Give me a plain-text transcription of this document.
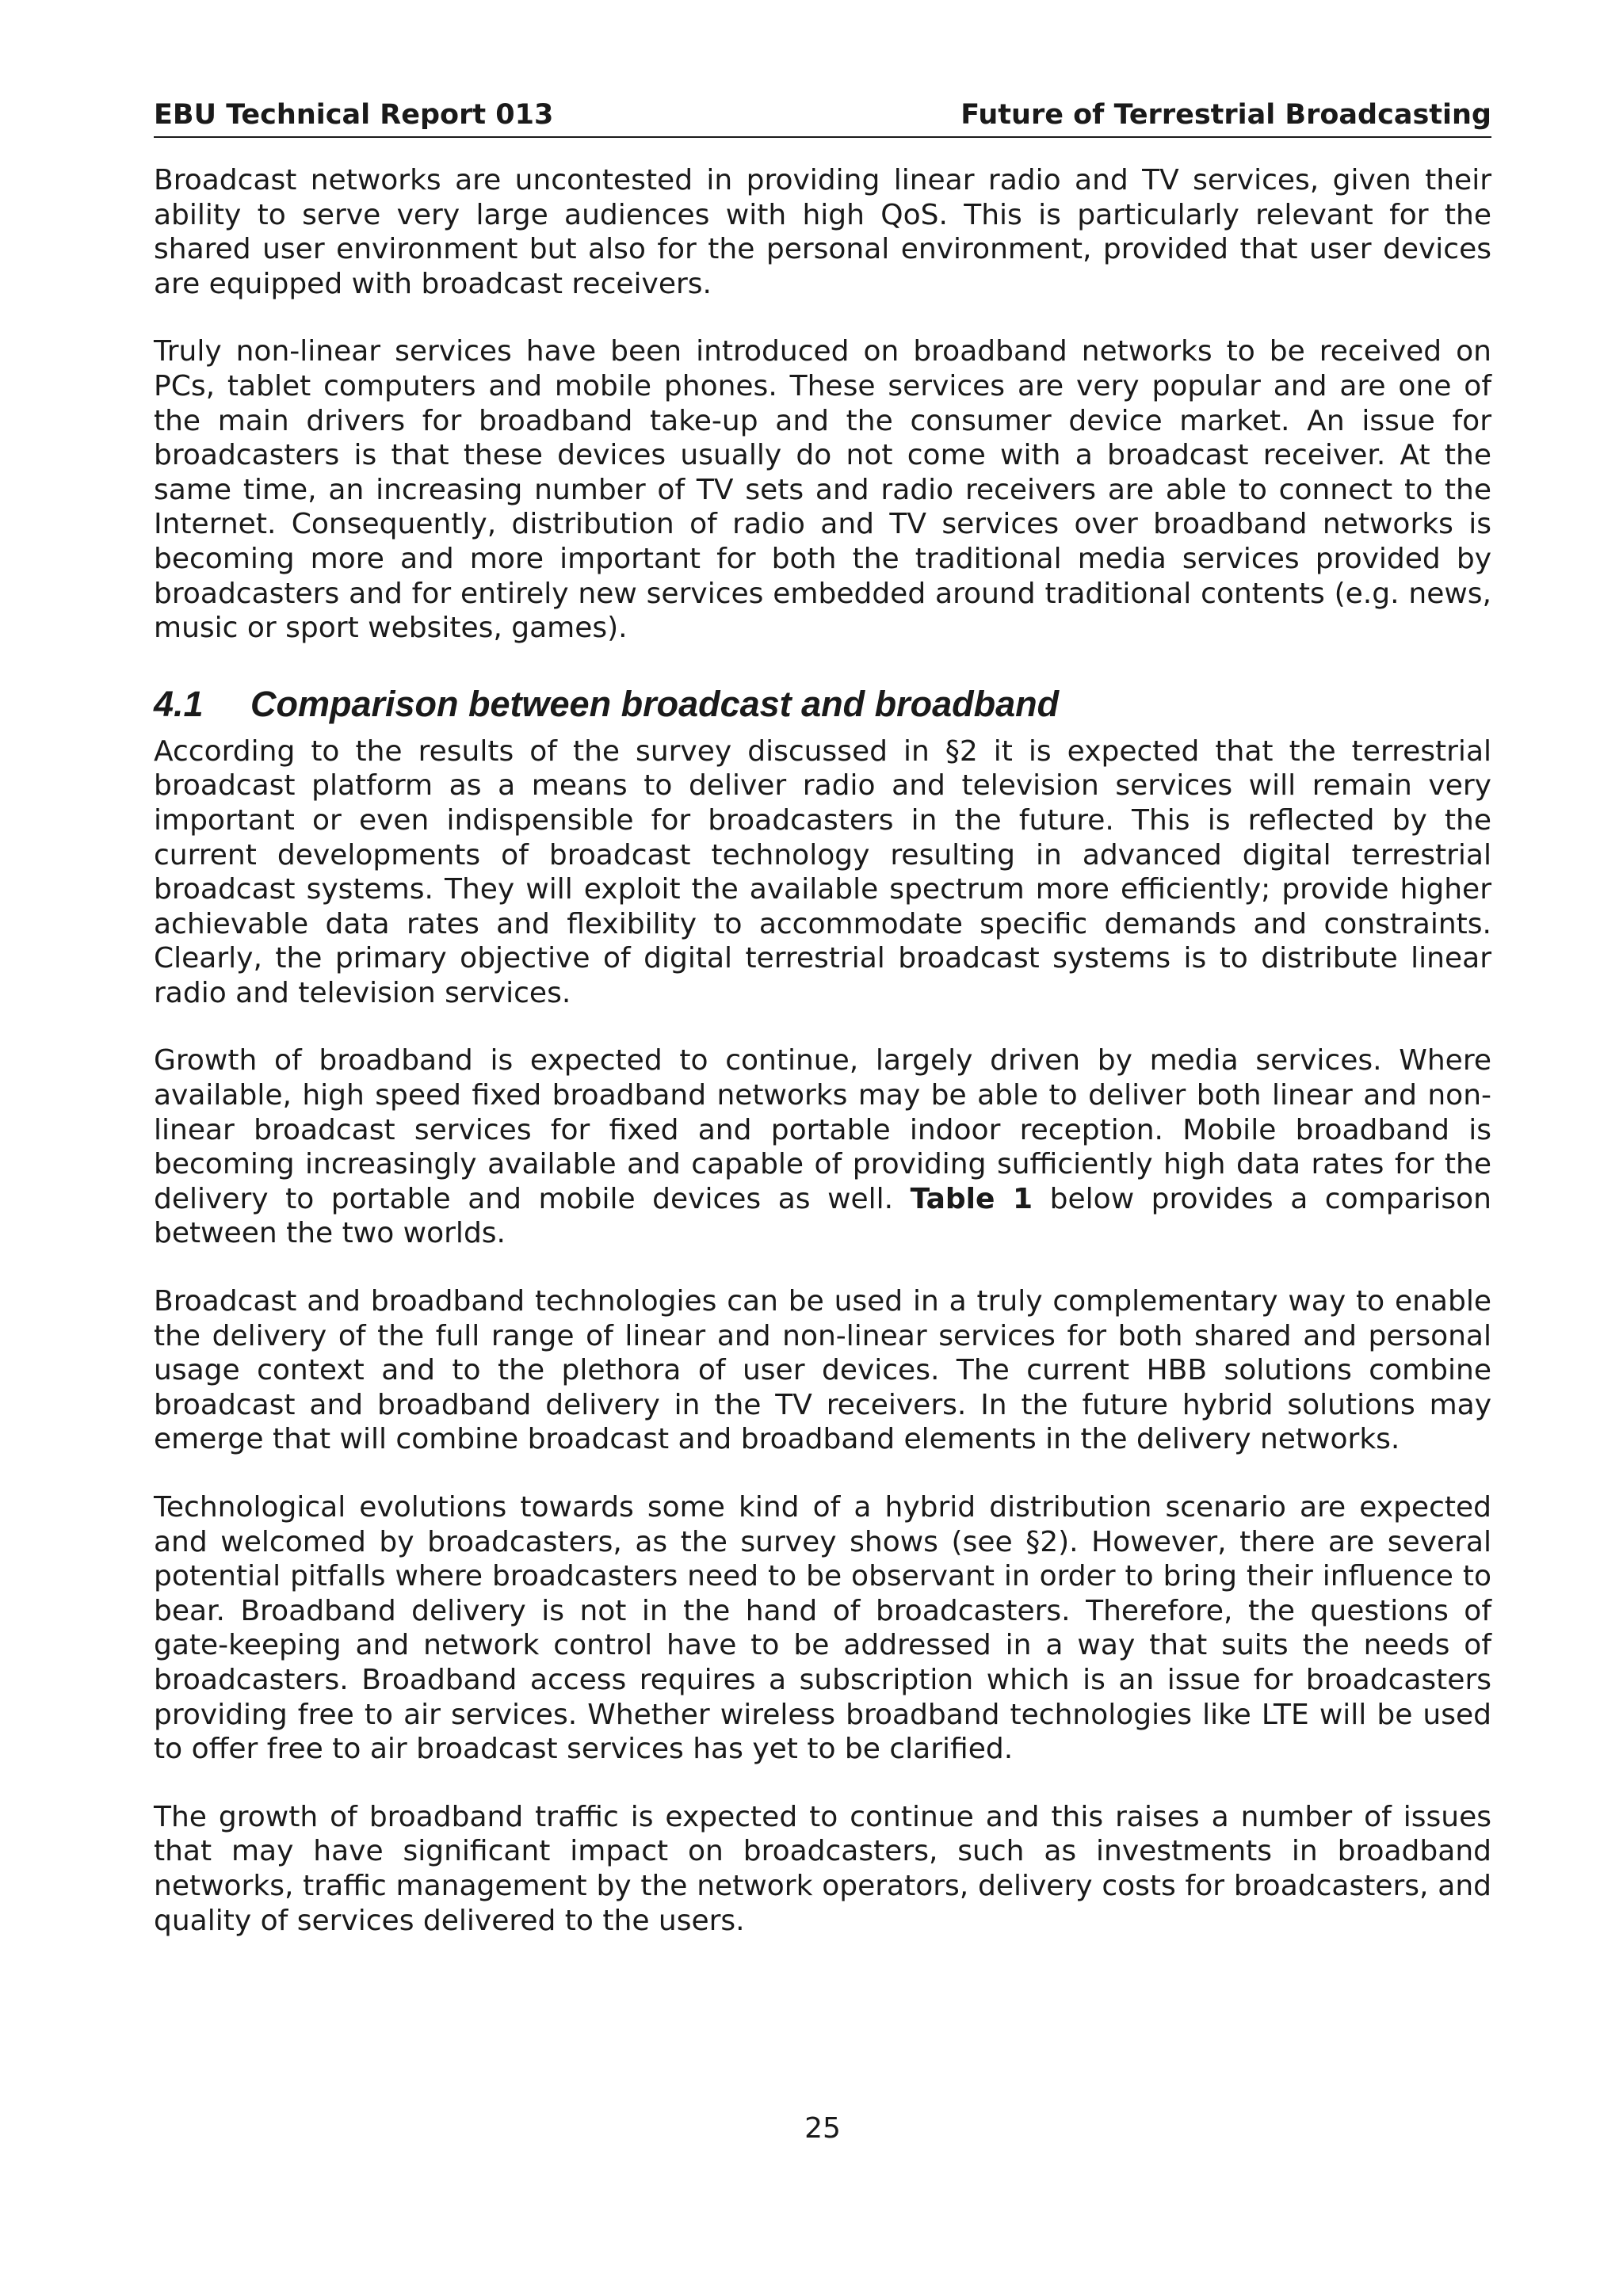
EBU Technical Report 013	Future of Terrestrial Broadcasting

Broadcast networks are uncontested in providing linear radio and TV services, given their ability to serve very large audiences with high QoS. This is particularly relevant for the shared user environment but also for the personal environment, provided that user devices are equipped with broadcast receivers.

Truly non-linear services have been introduced on broadband networks to be received on PCs, tablet computers and mobile phones. These services are very popular and are one of the main drivers for broadband take-up and the consumer device market. An issue for broadcasters is that these devices usually do not come with a broadcast receiver. At the same time, an increasing number of TV sets and radio receivers are able to connect to the Internet. Consequently, distribution of radio and TV services over broadband networks is becoming more and more important for both the traditional media services provided by broadcasters and for entirely new services embedded around traditional contents (e.g. news, music or sport websites, games).

4.1 Comparison between broadcast and broadband

According to the results of the survey discussed in §2 it is expected that the terrestrial broadcast platform as a means to deliver radio and television services will remain very important or even indispensible for broadcasters in the future. This is reflected by the current developments of broadcast technology resulting in advanced digital terrestrial broadcast systems. They will exploit the available spectrum more efficiently; provide higher achievable data rates and flexibility to accommodate specific demands and constraints. Clearly, the primary objective of digital terrestrial broadcast systems is to distribute linear radio and television services.

Growth of broadband is expected to continue, largely driven by media services. Where available, high speed fixed broadband networks may be able to deliver both linear and non-linear broadcast services for fixed and portable indoor reception. Mobile broadband is becoming increasingly available and capable of providing sufficiently high data rates for the delivery to portable and mobile devices as well. Table 1 below provides a comparison between the two worlds.

Broadcast and broadband technologies can be used in a truly complementary way to enable the delivery of the full range of linear and non-linear services for both shared and personal usage context and to the plethora of user devices. The current HBB solutions combine broadcast and broadband delivery in the TV receivers. In the future hybrid solutions may emerge that will combine broadcast and broadband elements in the delivery networks.

Technological evolutions towards some kind of a hybrid distribution scenario are expected and welcomed by broadcasters, as the survey shows (see §2). However, there are several potential pitfalls where broadcasters need to be observant in order to bring their influence to bear. Broadband delivery is not in the hand of broadcasters. Therefore, the questions of gate-keeping and network control have to be addressed in a way that suits the needs of broadcasters. Broadband access requires a subscription which is an issue for broadcasters providing free to air services. Whether wireless broadband technologies like LTE will be used to offer free to air broadcast services has yet to be clarified.

The growth of broadband traffic is expected to continue and this raises a number of issues that may have significant impact on broadcasters, such as investments in broadband networks, traffic management by the network operators, delivery costs for broadcasters, and quality of services delivered to the users.

25
